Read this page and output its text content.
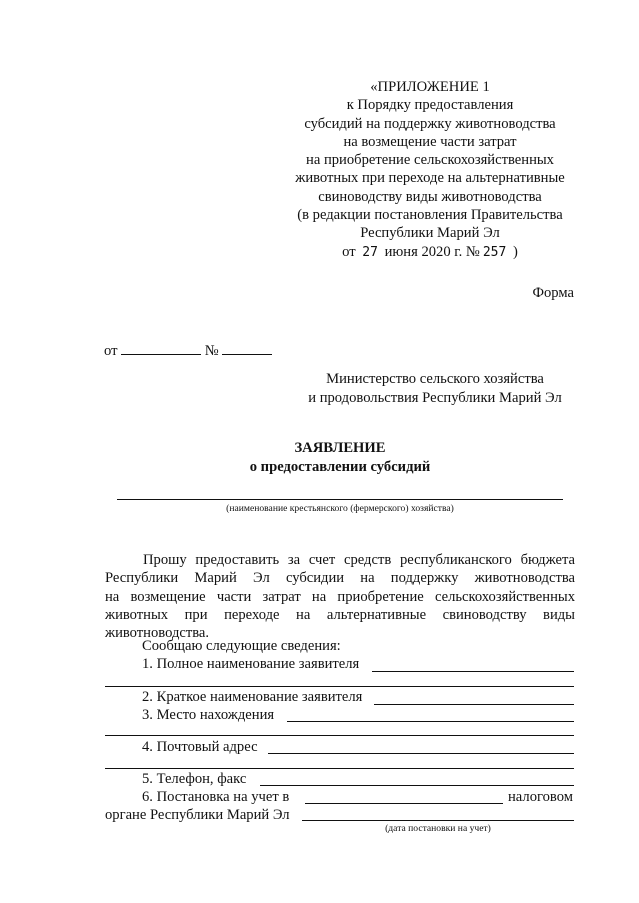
«ПРИЛОЖЕНИЕ 1
к Порядку предоставления
субсидий на поддержку животноводства
на возмещение части затрат
на приобретение сельскохозяйственных
животных при переходе на альтернативные
свиноводству виды животноводства
(в редакции постановления Правительства
Республики Марий Эл
от 27 июня 2020 г. № 257 )
Форма
от	№
Министерство сельского хозяйства
и продовольствия Республики Марий Эл
ЗАЯВЛЕНИЕ
о предоставлении субсидий
(наименование крестьянского (фермерского) хозяйства)
Прошу предоставить за счет средств республиканского бюджета
Республики Марий Эл субсидии на поддержку животноводства
на возмещение части затрат на приобретение сельскохозяйственных
животных при переходе на альтернативные свиноводству виды
животноводства.
Сообщаю следующие сведения:
1. Полное наименование заявителя
2. Краткое наименование заявителя
3. Место нахождения
4. Почтовый адрес
5. Телефон, факс
6. Постановка на учет в	налоговом
органе Республики Марий Эл
(дата постановки на учет)
